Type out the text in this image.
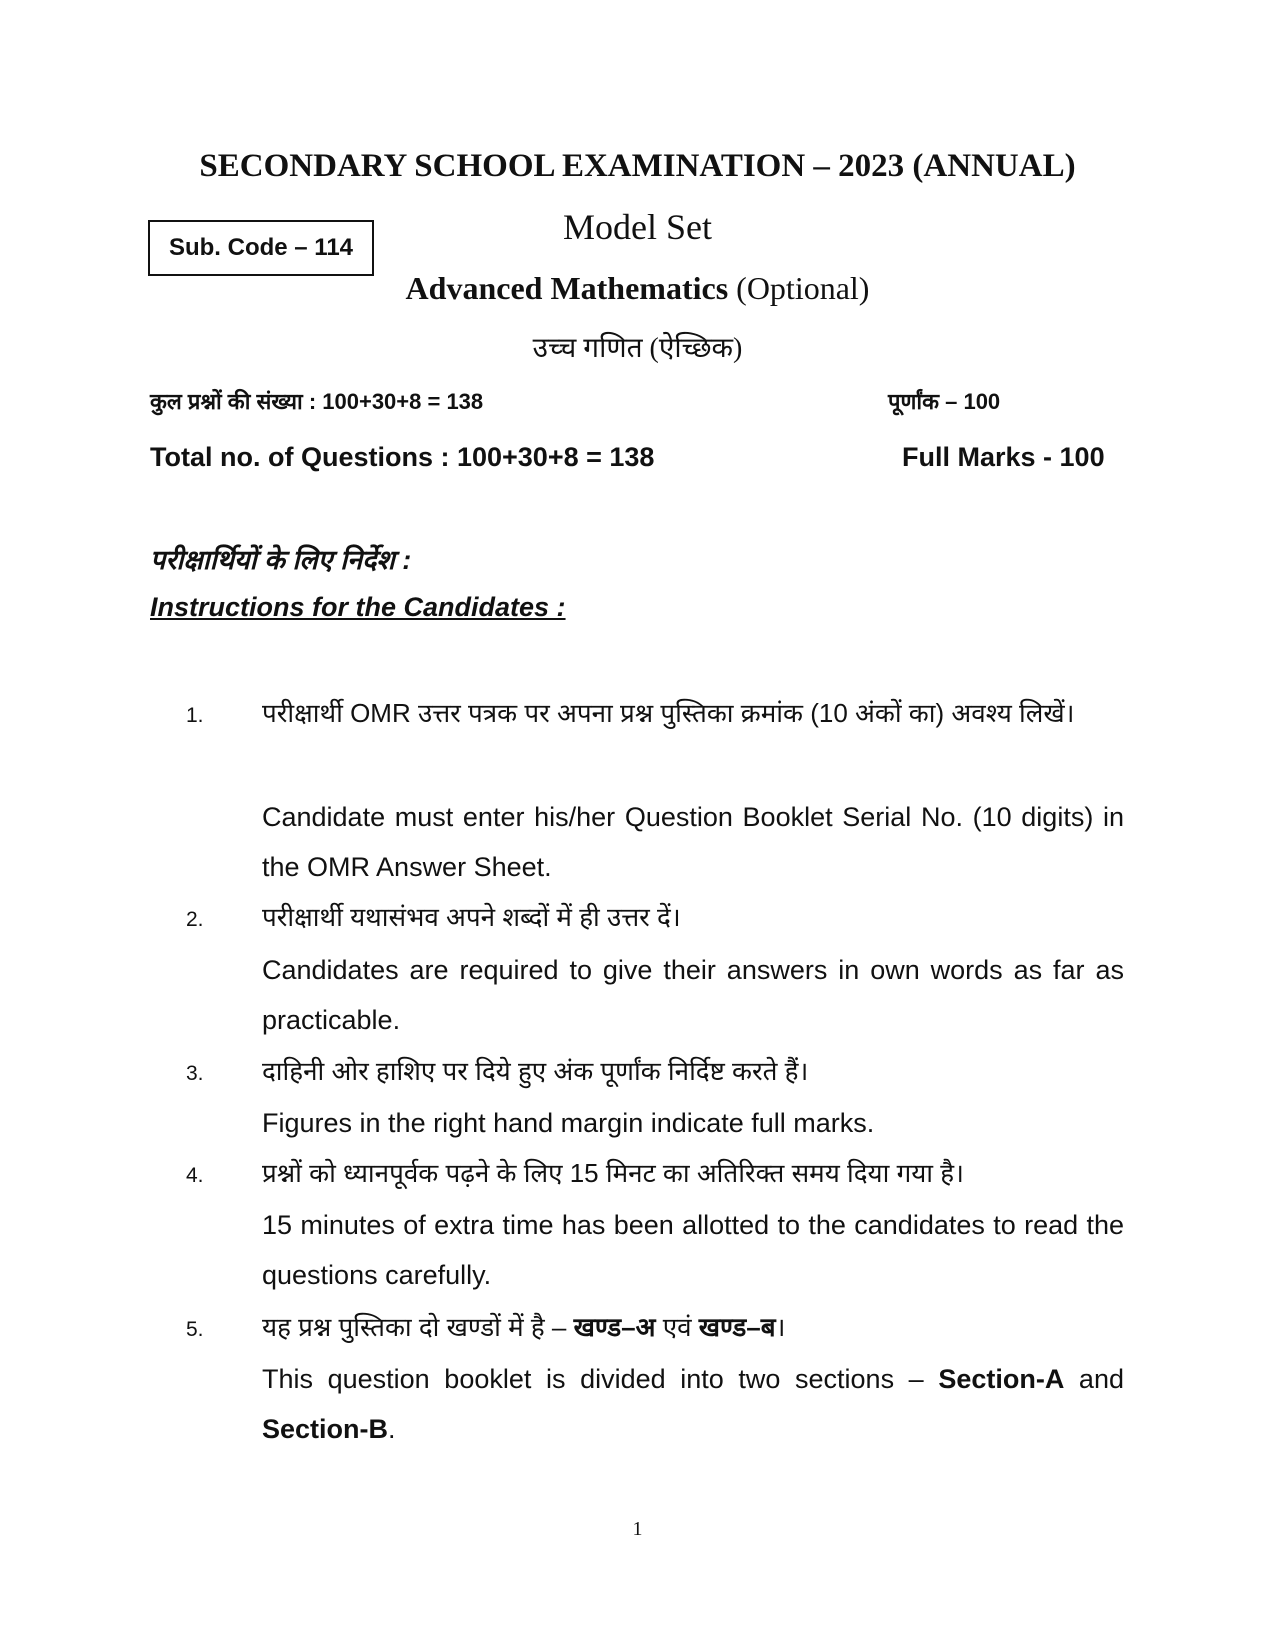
SECONDARY SCHOOL EXAMINATION – 2023 (ANNUAL)
Sub. Code – 114
Model Set
Advanced Mathematics (Optional)
उच्च गणित (ऐच्छिक)
कुल प्रश्नों की संख्या : 100+30+8 = 138	पूर्णांक – 100
Total no. of Questions : 100+30+8 = 138	Full Marks - 100
परीक्षार्थियों के लिए निर्देश :
Instructions for the Candidates :
1. परीक्षार्थी OMR उत्तर पत्रक पर अपना प्रश्न पुस्तिका क्रमांक (10 अंकों का) अवश्य लिखें।
Candidate must enter his/her Question Booklet Serial No. (10 digits) in the OMR Answer Sheet.
2. परीक्षार्थी यथासंभव अपने शब्दों में ही उत्तर दें।
Candidates are required to give their answers in own words as far as practicable.
3. दाहिनी ओर हाशिए पर दिये हुए अंक पूर्णांक निर्दिष्ट करते हैं।
Figures in the right hand margin indicate full marks.
4. प्रश्नों को ध्यानपूर्वक पढ़ने के लिए 15 मिनट का अतिरिक्त समय दिया गया है।
15 minutes of extra time has been allotted to the candidates to read the questions carefully.
5. यह प्रश्न पुस्तिका दो खण्डों में है – खण्ड–अ एवं खण्ड–ब।
This question booklet is divided into two sections – Section-A and Section-B.
1
